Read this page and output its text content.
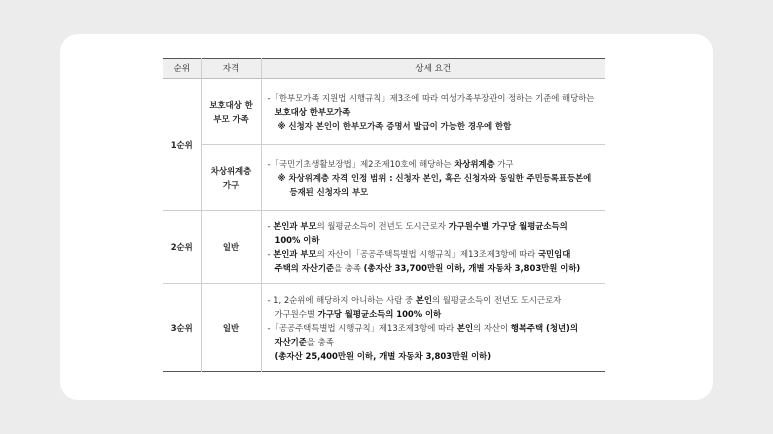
순위	자격	상세 요건
1순위	보호대상 한부모 가족	-「한부모가족 지원법 시행규칙」제3조에 따라 여성가족부장관이 정하는 기준에 해당하는
보호대상 한부모가족
※ 신청자 본인이 한부모가족 증명서 발급이 가능한 경우에 한함

	차상위계층 가구	-「국민기초생활보장법」제2조제10호에 해당하는 차상위계층 가구
※ 차상위계층 자격 인정 범위 : 신청자 본인, 혹은 신청자와 동일한 주민등록표등본에
등재된 신청자의 부모

2순위	일반	- 본인과 부모의 월평균소득이 전년도 도시근로자 가구원수별 가구당 월평균소득의
100% 이하
- 본인과 부모의 자산이「공공주택특별법 시행규칙」제13조제3항에 따라 국민임대
주택의 자산기준을 충족 (총자산 33,700만원 이하, 개별 자동차 3,803만원 이하)

3순위	일반	- 1, 2순위에 해당하지 아니하는 사람 중 본인의 월평균소득이 전년도 도시근로자
가구원수별 가구당 월평균소득의 100% 이하
-「공공주택특별법 시행규칙」제13조제3항에 따라 본인의 자산이 행복주택 (청년)의
자산기준을 충족
(총자산 25,400만원 이하, 개별 자동차 3,803만원 이하)
